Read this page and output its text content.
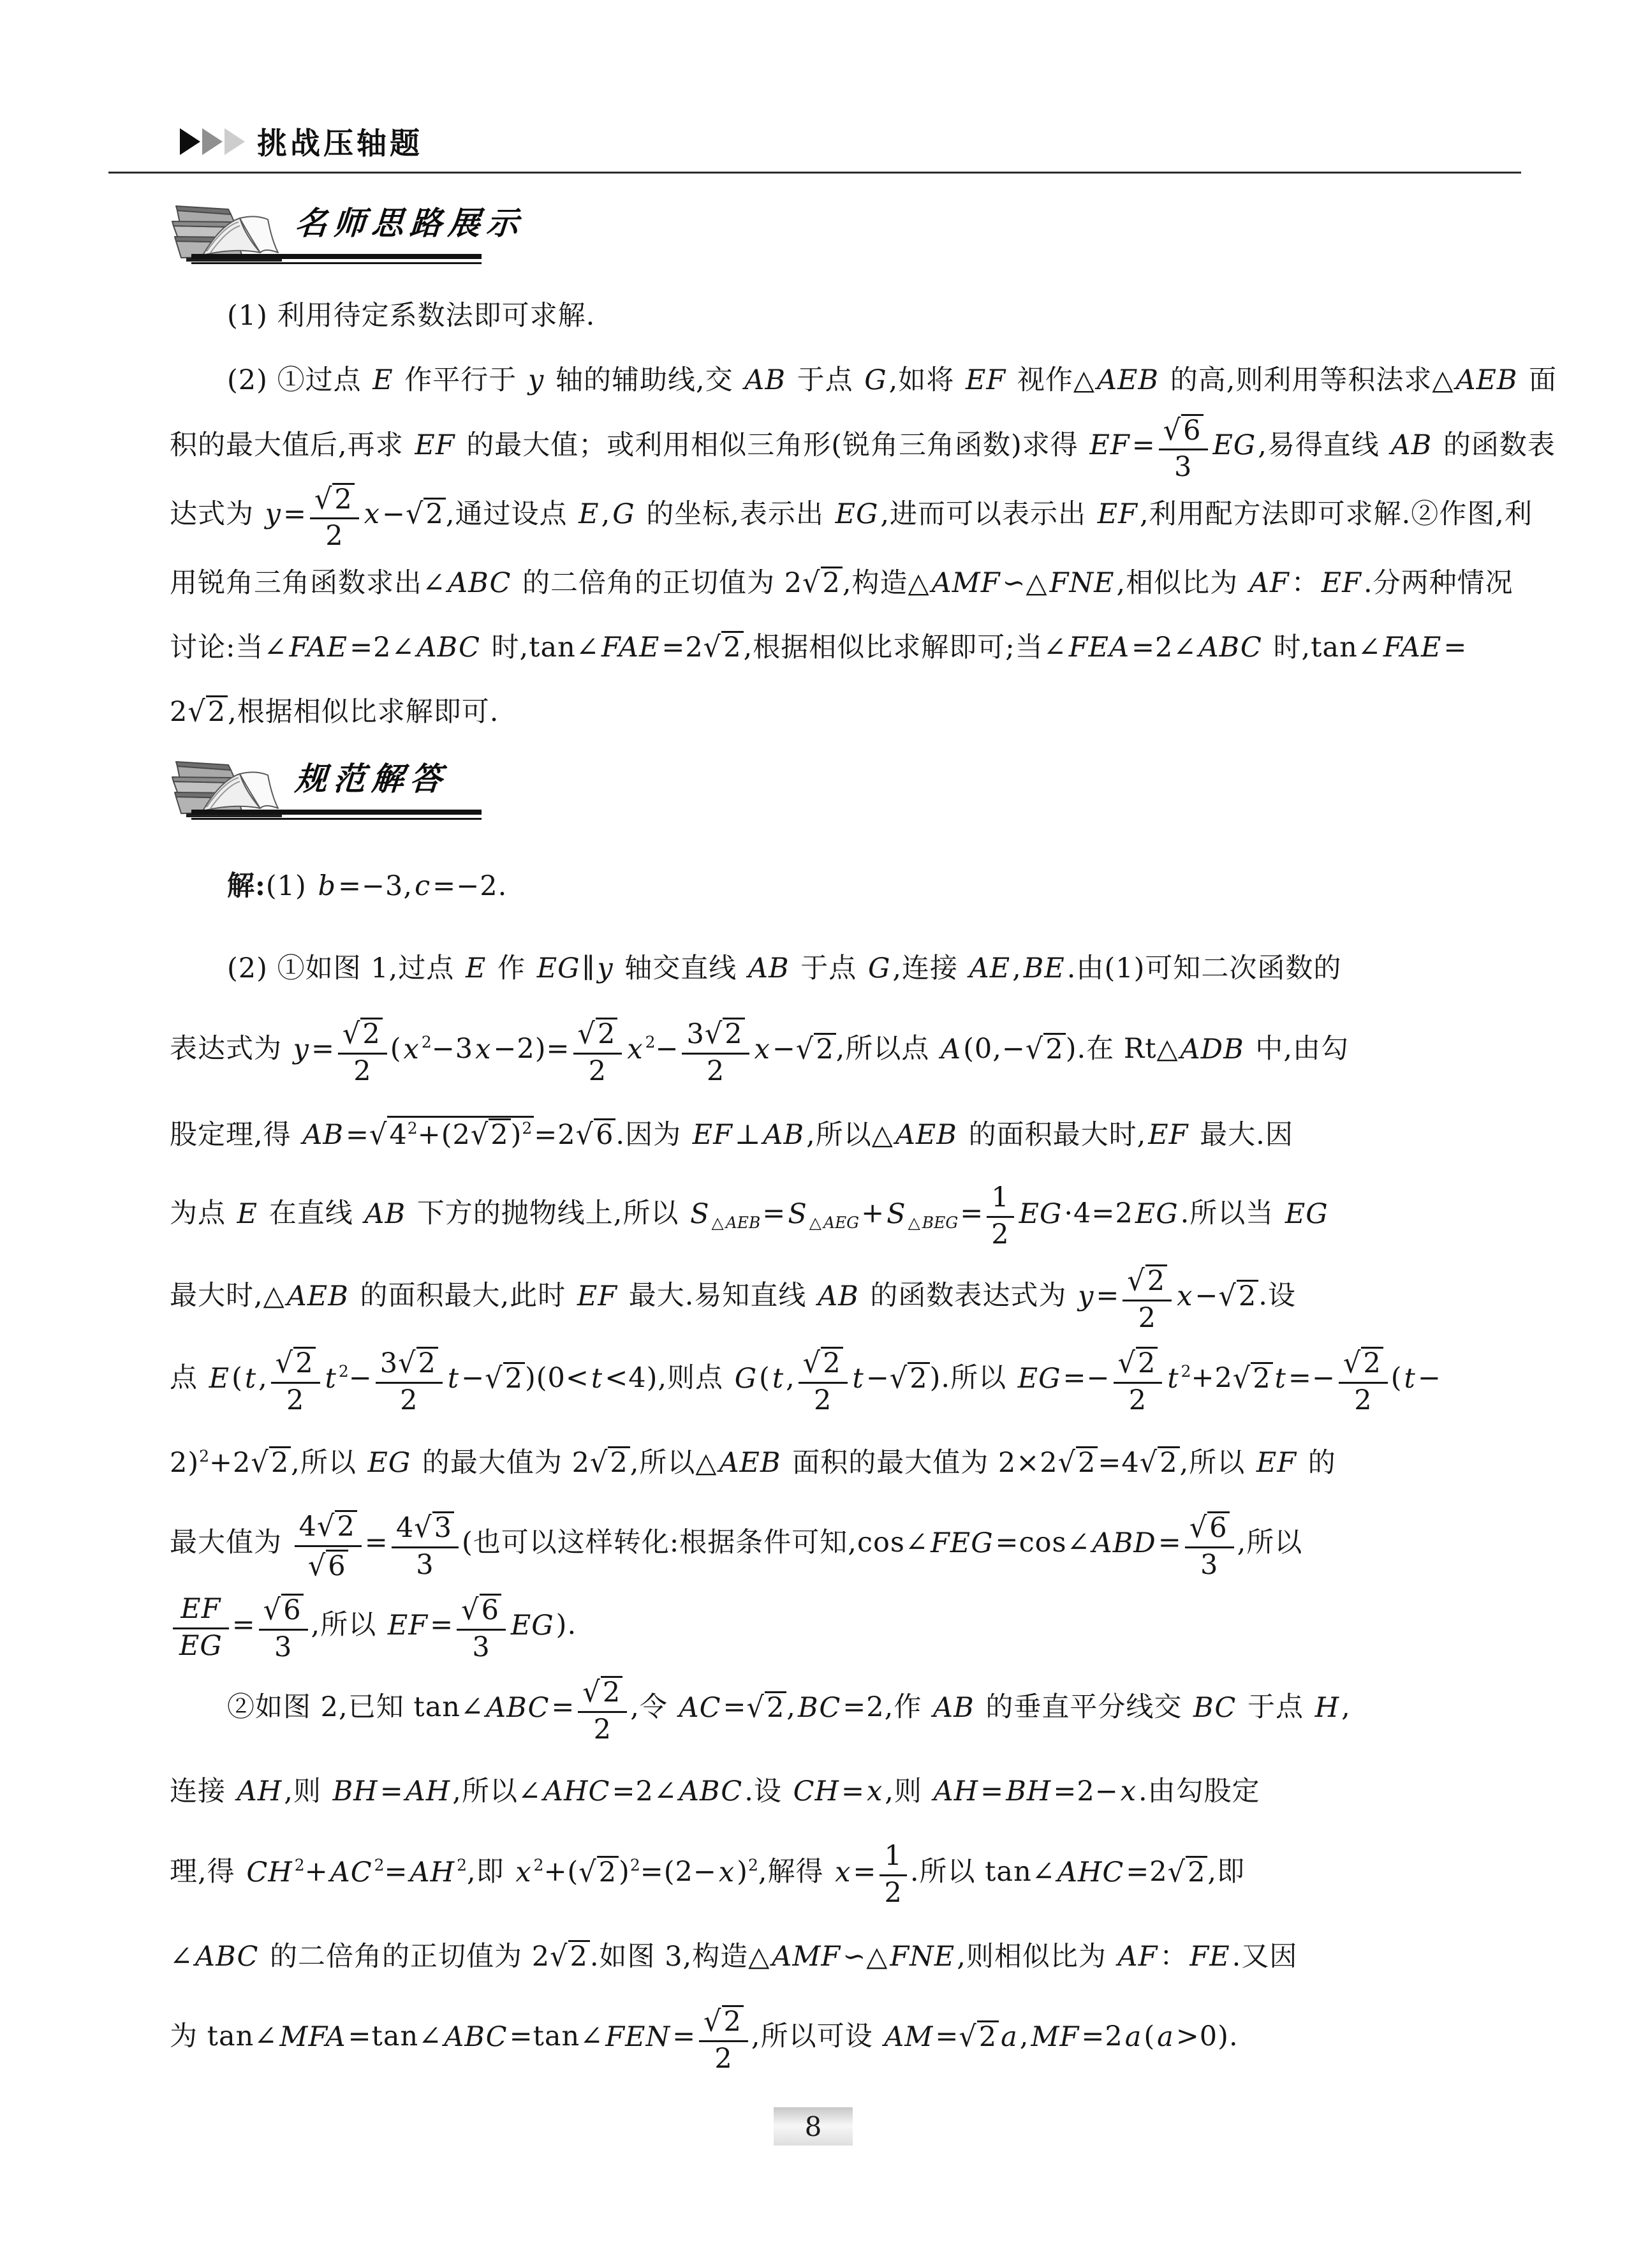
挑战压轴题
名师思路展示
(1) 利用待定系数法即可求解.
(2) ①过点 E 作平行于 y 轴的辅助线,交 AB 于点 G,如将 EF 视作△AEB 的高,则利用等积法求△AEB 面
积的最大值后,再求 EF 的最大值；或利用相似三角形(锐角三角函数)求得 $EF= \frac{√6}{3}$ EG,易得直线 AB 的函数表
达式为 $y= \frac{√2}{2} x-√2$,通过设点 E,G 的坐标,表示出 EG,进而可以表示出 EF,利用配方法即可求解.②作图,利
用锐角三角函数求出∠ABC 的二倍角的正切值为 2√2,构造△AMF∽△FNE,相似比为 AF：EF.分两种情况
讨论:当∠FAE=2∠ABC 时,tan∠FAE=2√2,根据相似比求解即可;当∠FEA=2∠ABC 时,tan∠FAE=
2√2,根据相似比求解即可.
规范解答
解:(1) b=−3,c=−2.
(2) ①如图 1,过点 E 作 EG∥y 轴交直线 AB 于点 G,连接 AE,BE.由(1)可知二次函数的
表达式为 $y= \frac{√2}{2} (x$ $^2-3x-2)= \frac{√2}{2}$ x $^2- \frac{3√2}{2} x-√2$,所以点 A(0,−√2).在 Rt△ADB 中,由勾
股定理,得 $AB=√4^2+(2√2)^2=2√6$.因为 EF⊥AB,所以△AEB 的面积最大时,EF 最大.因
为点 E 在直线 AB 下方的抛物线上,所以 S $_{\triangle AEB}$=S $_{\triangle AEG}$+S $_{\triangle BEG}= \frac{1}{2} EG\cdot 4=2EG$.所以当 EG
最大时,△AEB 的面积最大,此时 EF 最大.易知直线 AB 的函数表达式为 $y= \frac{√2}{2} x-√2$.设
点 E(t, $\frac{√2}{2}$ t $^2- \frac{3√2}{2} t-√2)(0<t<4)$,则点 G(t, $\frac{√2}{2} t-√2$).所以 $EG=- \frac{√2}{2}$ t $^2$+2√2 $t=- \frac{√2}{2} (t-$
2)$^2$+2√2,所以 EG 的最大值为 2√2,所以△AEB 面积的最大值为 2×2√2=4√2,所以 EF 的
最大值为 $\frac{4√2}{√6} = \frac{4√3}{3}$ (也可以这样转化:根据条件可知,cos∠FEG=cos∠ABD= $\frac{√6}{3}$ ,所以
$\frac{EF}{EG} = \frac{√6}{3}$ ,所以 $EF= \frac{√6}{3} EG$).
②如图 2,已知 tan∠ABC= $\frac{√2}{2}$ ,令 AC=√2,BC=2,作 AB 的垂直平分线交 BC 于点 H,
连接 AH,则 BH=AH,所以∠AHC=2∠ABC.设 CH=x,则 AH=BH=2−x.由勾股定
理,得 CH $^2$+AC $^2$=AH $^2$,即 x $^2+(√2)^2=(2-x)^2$,解得 $x= \frac{1}{2}$ .所以 tan∠AHC=2√2,即
∠ABC 的二倍角的正切值为 2√2.如图 3,构造△AMF∽△FNE,则相似比为 AF：FE.又因
为 tan∠MFA=tan∠ABC=tan∠FEN= $\frac{√2}{2}$ ,所以可设 AM=√2 a,MF=2a(a>0).
8
